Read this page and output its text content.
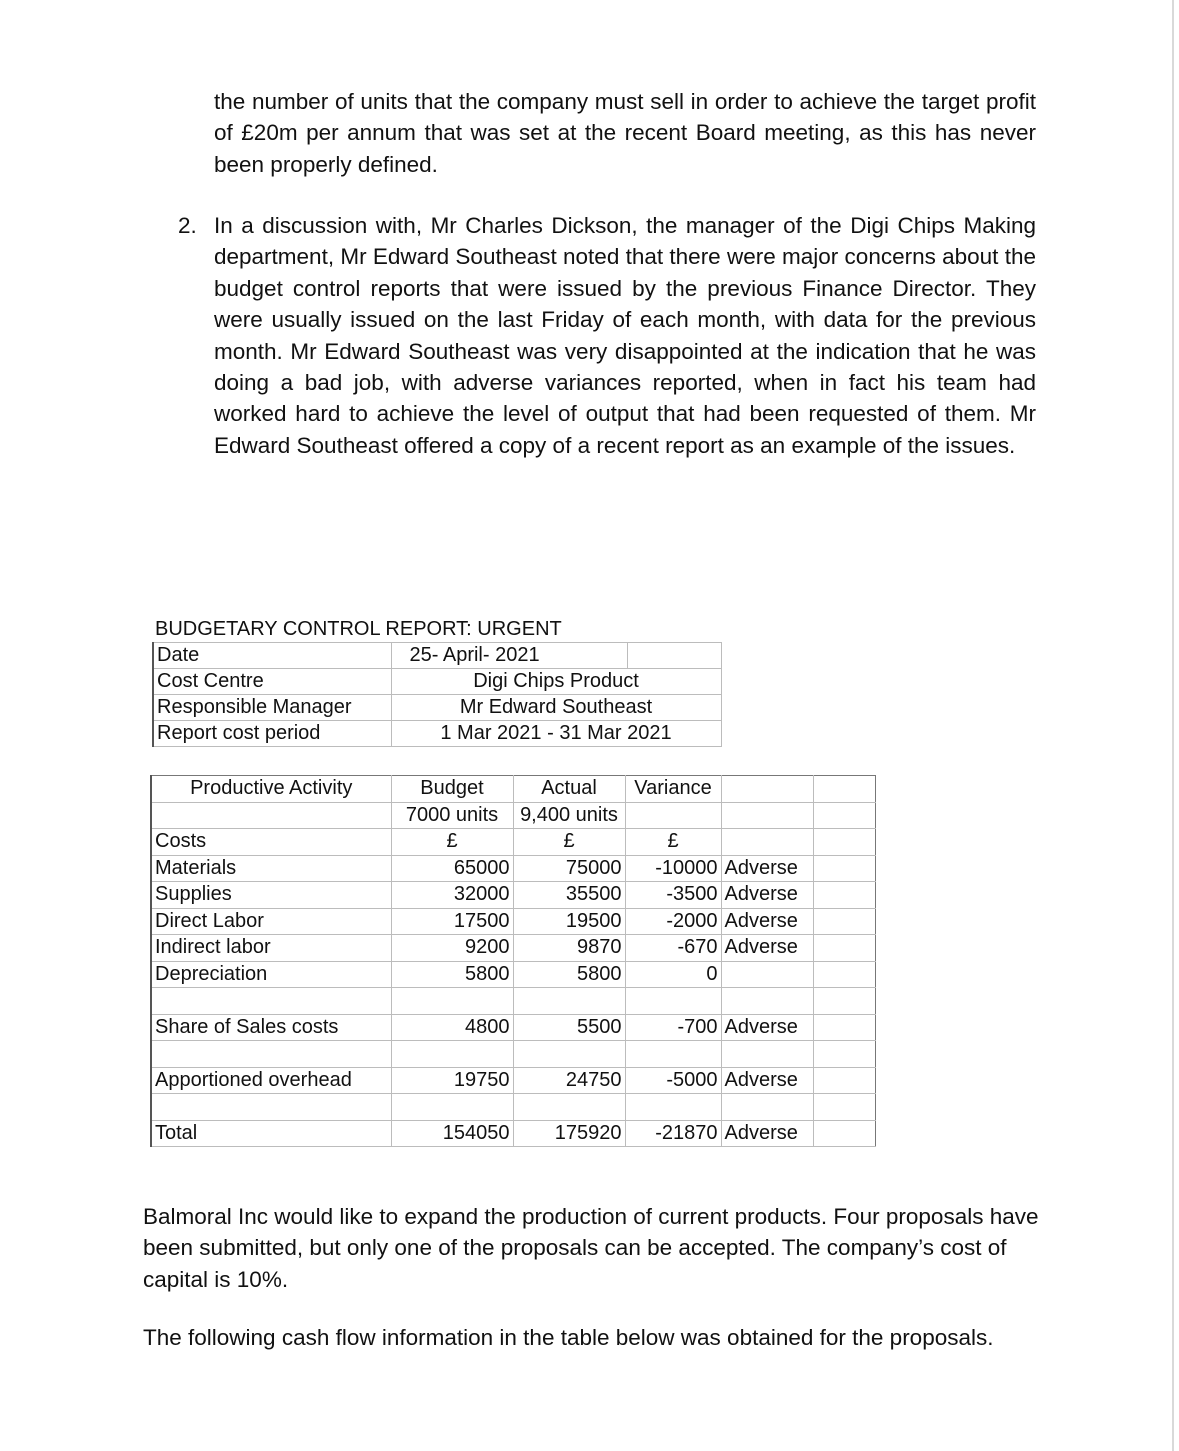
the number of units that the company must sell in order to achieve the target profit of £20m per annum that was set at the recent Board meeting, as this has never been properly defined.

2. In a discussion with, Mr Charles Dickson, the manager of the Digi Chips Making department, Mr Edward Southeast noted that there were major concerns about the budget control reports that were issued by the previous Finance Director. They were usually issued on the last Friday of each month, with data for the previous month. Mr Edward Southeast was very disappointed at the indication that he was doing a bad job, with adverse variances reported, when in fact his team had worked hard to achieve the level of output that had been requested of them. Mr Edward Southeast offered a copy of a recent report as an example of the issues.

BUDGETARY CONTROL REPORT: URGENT
Date	25- April- 2021	
Cost Centre	Digi Chips Product	
Responsible Manager	Mr Edward Southeast	
Report cost period	1 Mar 2021 - 31 Mar 2021	
Productive Activity	Budget	Actual	Variance		
	7000 units	9,400 units			
Costs	£	£	£		
Materials	65000	75000	-10000	Adverse	
Supplies	32000	35500	-3500	Adverse	
Direct Labor	17500	19500	-2000	Adverse	
Indirect labor	9200	9870	-670	Adverse	
Depreciation	5800	5800	0		

Share of Sales costs	4800	5500	-700	Adverse	

Apportioned overhead	19750	24750	-5000	Adverse	

Total	154050	175920	-21870	Adverse	

Balmoral Inc would like to expand the production of current products. Four proposals have been submitted, but only one of the proposals can be accepted. The company’s cost of capital is 10%.

The following cash flow information in the table below was obtained for the proposals.
